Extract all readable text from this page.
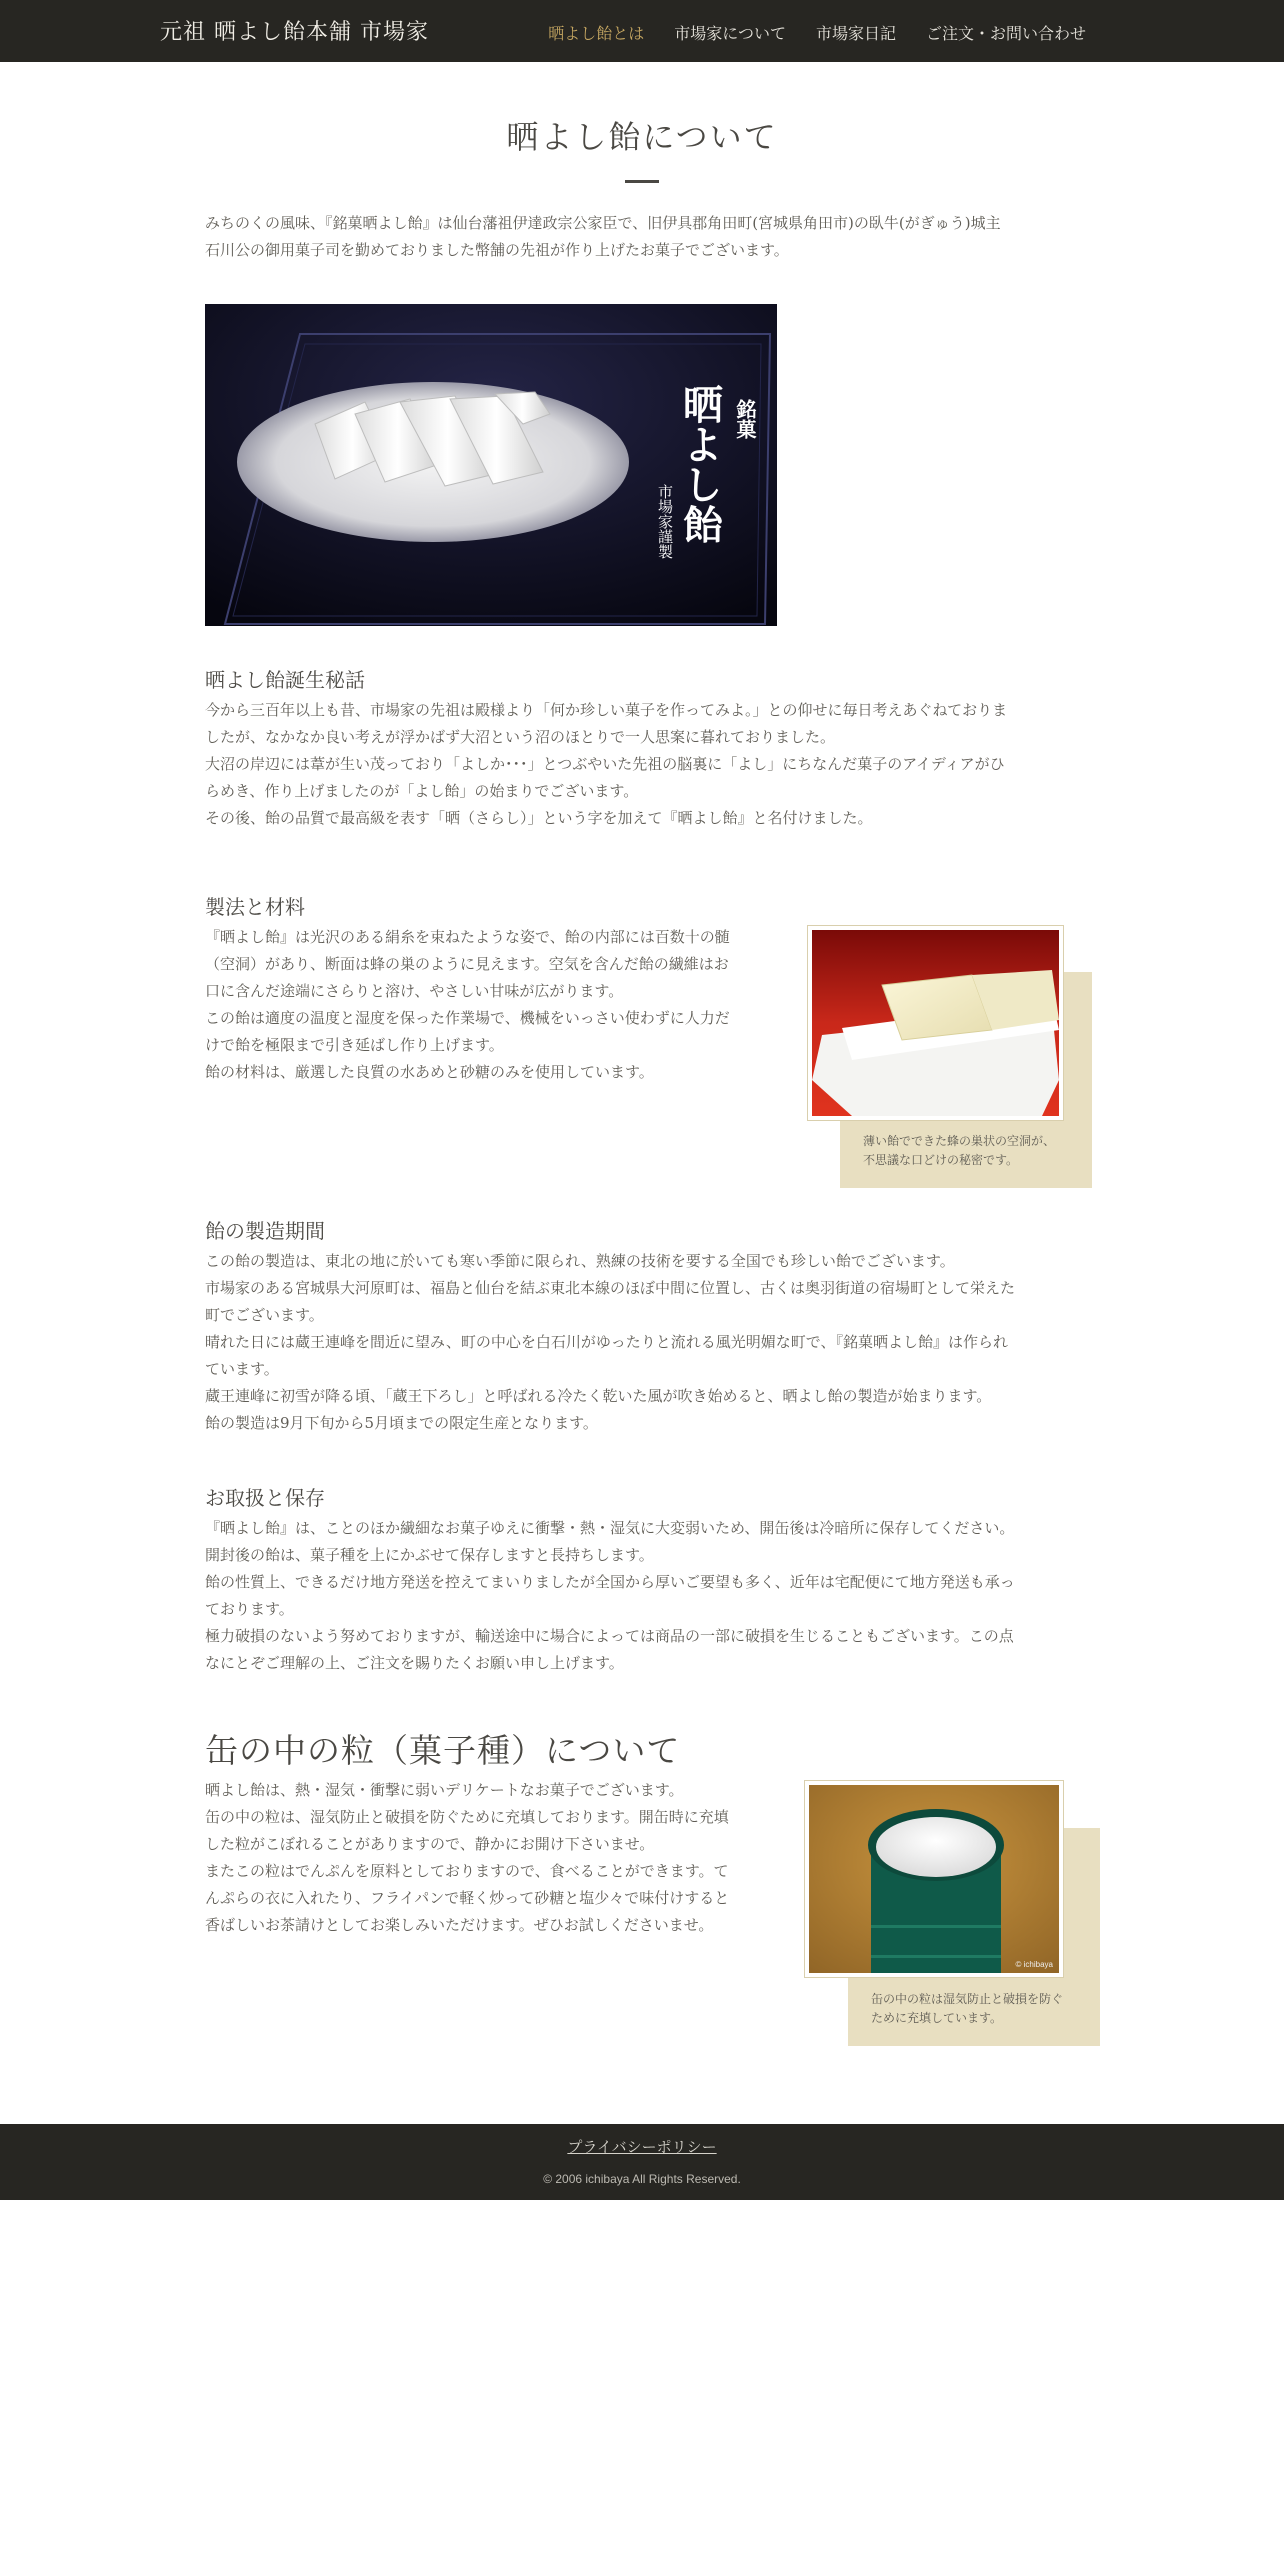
元祖 晒よし飴本舗 市場家	晒よし飴とは 市場家について 市場家日記 ご注文・お問い合わせ
晒よし飴について
みちのくの風味、『銘菓晒よし飴』は仙台藩祖伊達政宗公家臣で、旧伊具郡角田町(宮城県角田市)の臥牛(がぎゅう)城主
石川公の御用菓子司を勤めておりました幣舗の先祖が作り上げたお菓子でございます。
銘菓
晒よし飴
市場家謹製
晒よし飴誕生秘話
今から三百年以上も昔、市場家の先祖は殿様より「何か珍しい菓子を作ってみよ。」との仰せに毎日考えあぐねておりま
したが、なかなか良い考えが浮かばず大沼という沼のほとりで一人思案に暮れておりました。
大沼の岸辺には葦が生い茂っており「よしか･･･」とつぶやいた先祖の脳裏に「よし」にちなんだ菓子のアイディアがひ
らめき、作り上げましたのが「よし飴」の始まりでございます。
その後、飴の品質で最高級を表す「晒（さらし）」という字を加えて『晒よし飴』と名付けました。
製法と材料
『晒よし飴』は光沢のある絹糸を束ねたような姿で、飴の内部には百数十の髄
（空洞）があり、断面は蜂の巣のように見えます。空気を含んだ飴の繊維はお
口に含んだ途端にさらりと溶け、やさしい甘味が広がります。
この飴は適度の温度と湿度を保った作業場で、機械をいっさい使わずに人力だ
けで飴を極限まで引き延ばし作り上げます。
飴の材料は、厳選した良質の水あめと砂糖のみを使用しています。
薄い飴でできた蜂の巣状の空洞が、
不思議な口どけの秘密です。
飴の製造期間
この飴の製造は、東北の地に於いても寒い季節に限られ、熟練の技術を要する全国でも珍しい飴でございます。
市場家のある宮城県大河原町は、福島と仙台を結ぶ東北本線のほぼ中間に位置し、古くは奥羽街道の宿場町として栄えた
町でございます。
晴れた日には蔵王連峰を間近に望み、町の中心を白石川がゆったりと流れる風光明媚な町で、『銘菓晒よし飴』は作られ
ています。
蔵王連峰に初雪が降る頃、「蔵王下ろし」と呼ばれる冷たく乾いた風が吹き始めると、晒よし飴の製造が始まります。
飴の製造は9月下旬から5月頃までの限定生産となります。
お取扱と保存
『晒よし飴』は、ことのほか繊細なお菓子ゆえに衝撃・熱・湿気に大変弱いため、開缶後は冷暗所に保存してください。
開封後の飴は、菓子種を上にかぶせて保存しますと長持ちします。
飴の性質上、できるだけ地方発送を控えてまいりましたが全国から厚いご要望も多く、近年は宅配便にて地方発送も承っ
ております。
極力破損のないよう努めておりますが、輸送途中に場合によっては商品の一部に破損を生じることもございます。この点
なにとぞご理解の上、ご注文を賜りたくお願い申し上げます。
缶の中の粒（菓子種）について
晒よし飴は、熱・湿気・衝撃に弱いデリケートなお菓子でございます。
缶の中の粒は、湿気防止と破損を防ぐために充填しております。開缶時に充填
した粒がこぼれることがありますので、静かにお開け下さいませ。
またこの粒はでんぷんを原料としておりますので、食べることができます。て
んぷらの衣に入れたり、フライパンで軽く炒って砂糖と塩少々で味付けすると
香ばしいお茶請けとしてお楽しみいただけます。ぜひお試しくださいませ。
© ichibaya
缶の中の粒は湿気防止と破損を防ぐ
ために充填しています。
プライバシーポリシー
© 2006 ichibaya All Rights Reserved.
